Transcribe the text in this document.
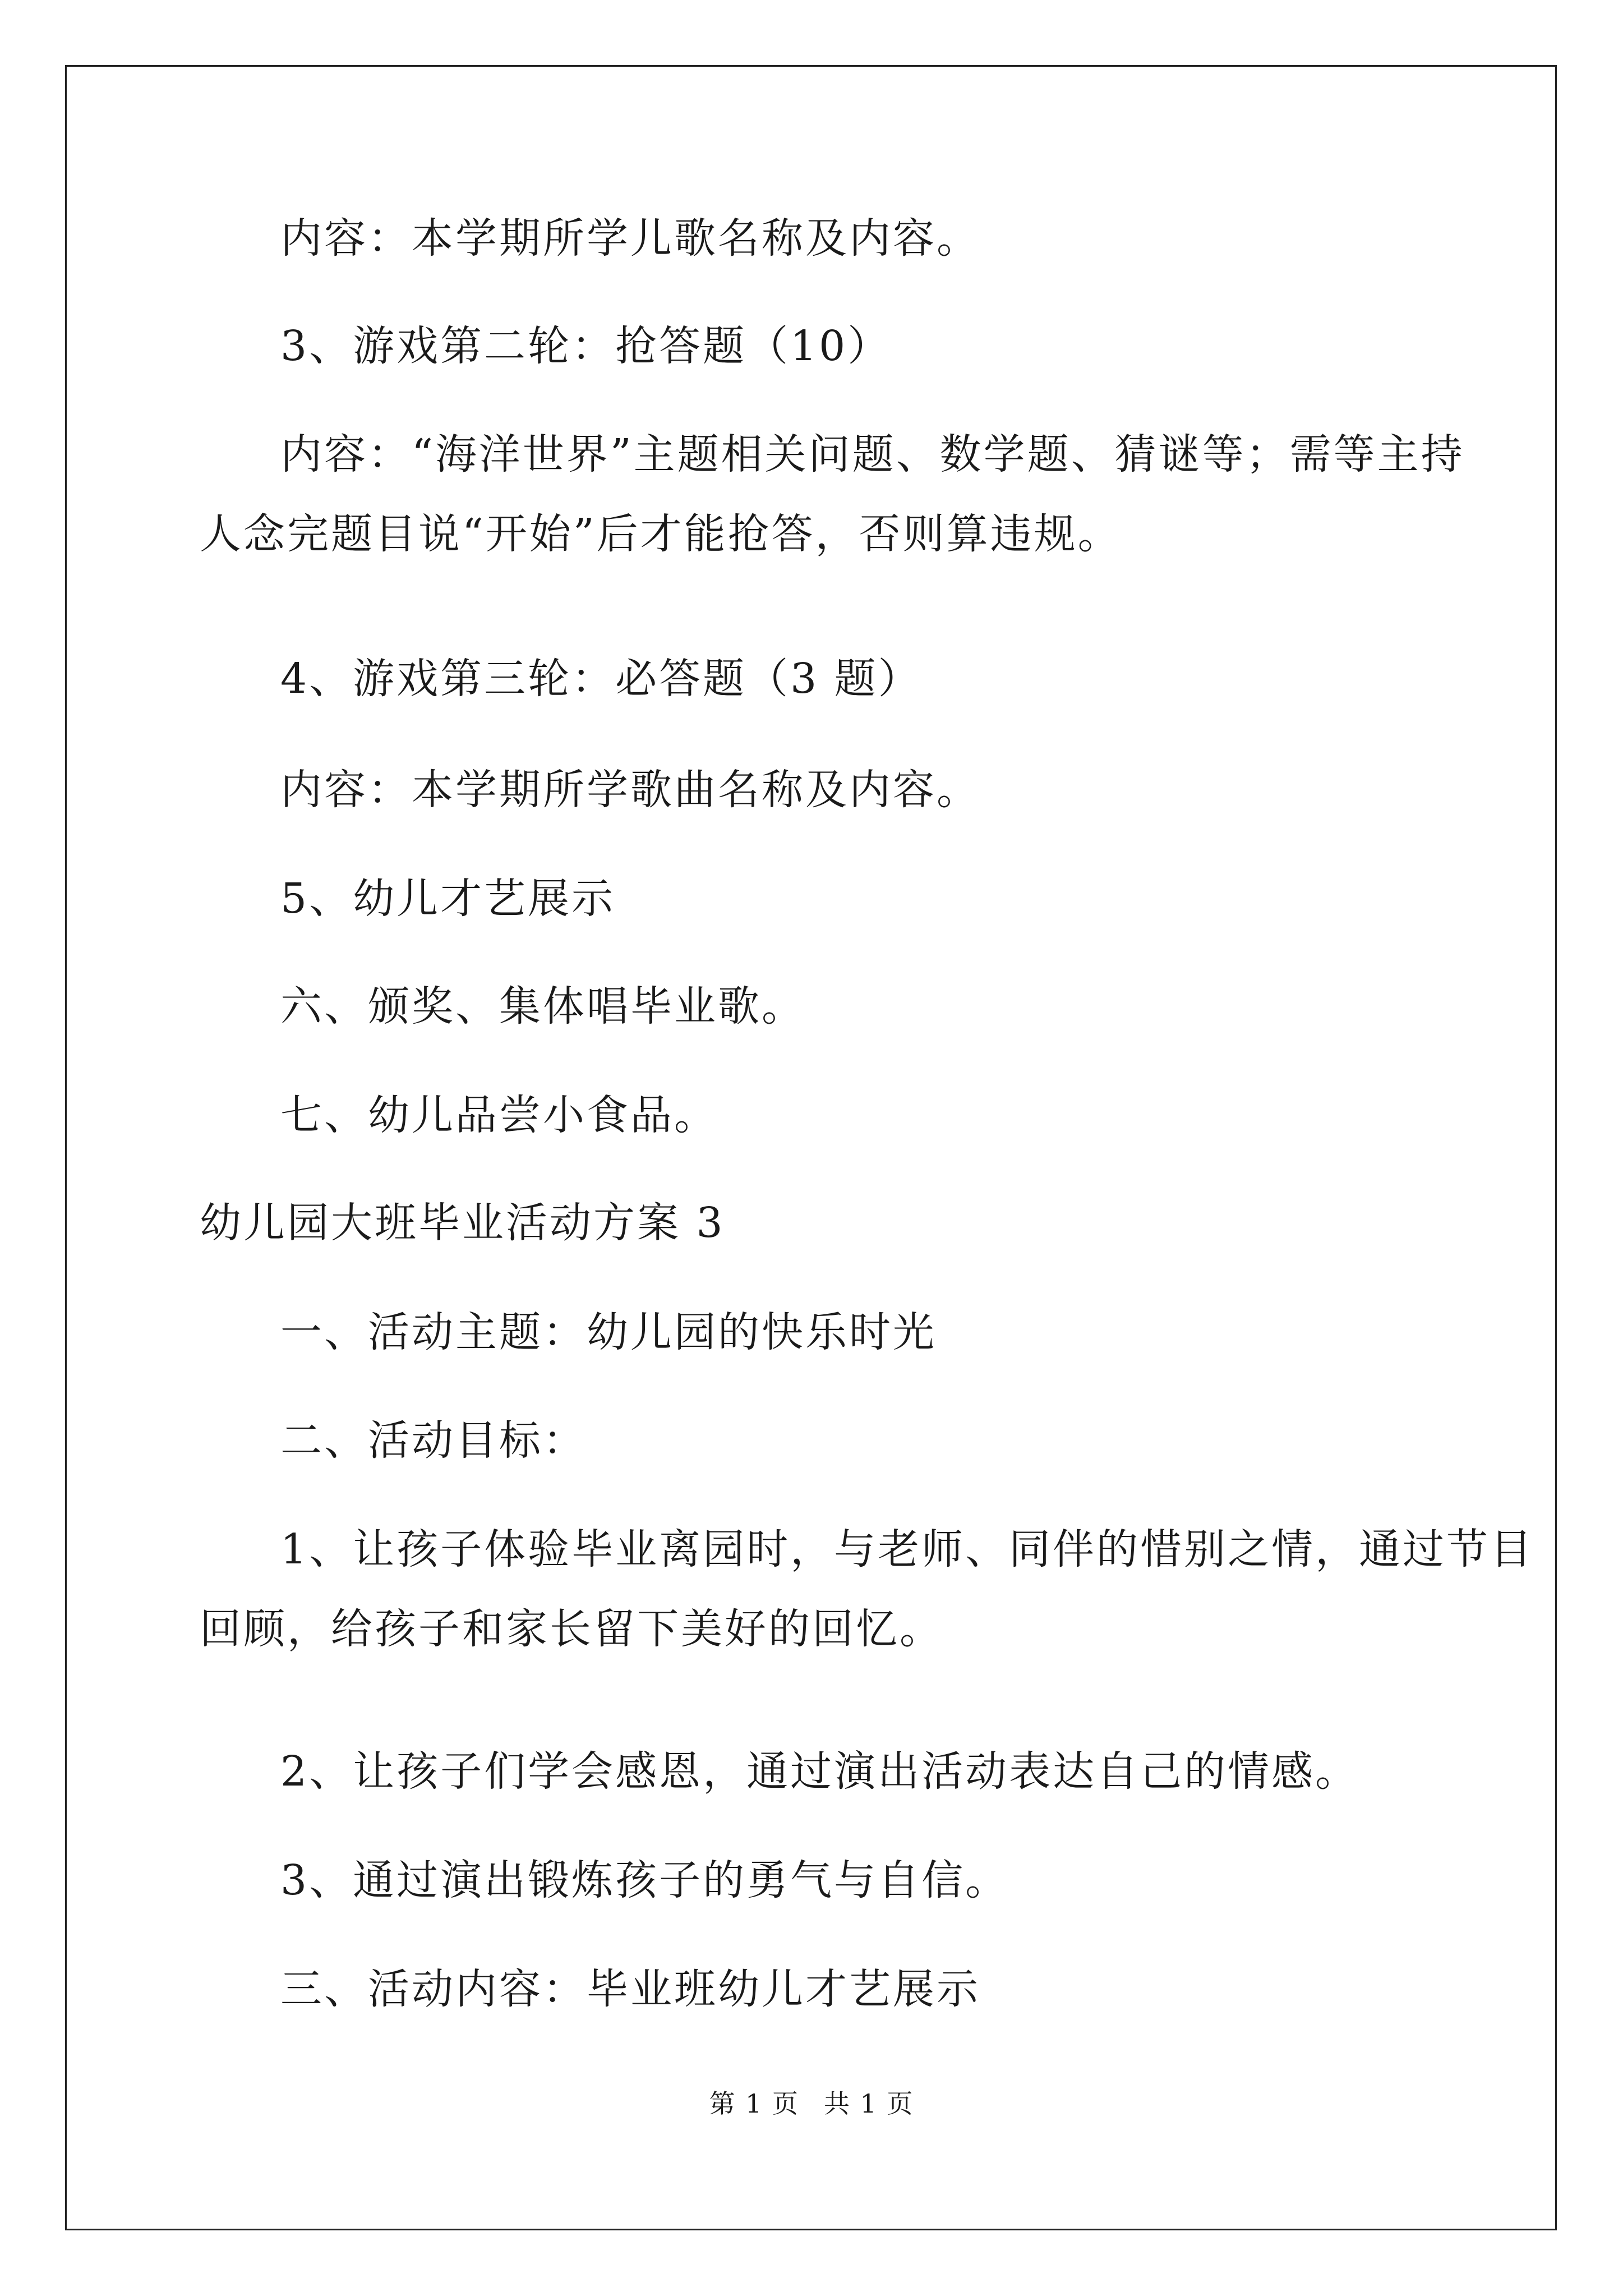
内容：本学期所学儿歌名称及内容。
3、游戏第二轮：抢答题（10）
内容：“海洋世界”主题相关问题、数学题、猜谜等；需等主持
人念完题目说“开始”后才能抢答，否则算违规。
4、游戏第三轮：必答题（3 题）
内容：本学期所学歌曲名称及内容。
5、幼儿才艺展示
六、颁奖、集体唱毕业歌。
七、幼儿品尝小食品。
幼儿园大班毕业活动方案 3
一、活动主题：幼儿园的快乐时光
二、活动目标：
1、让孩子体验毕业离园时，与老师、同伴的惜别之情，通过节目
回顾，给孩子和家长留下美好的回忆。
2、让孩子们学会感恩，通过演出活动表达自己的情感。
3、通过演出锻炼孩子的勇气与自信。
三、活动内容：毕业班幼儿才艺展示
第 1 页 共 1 页
